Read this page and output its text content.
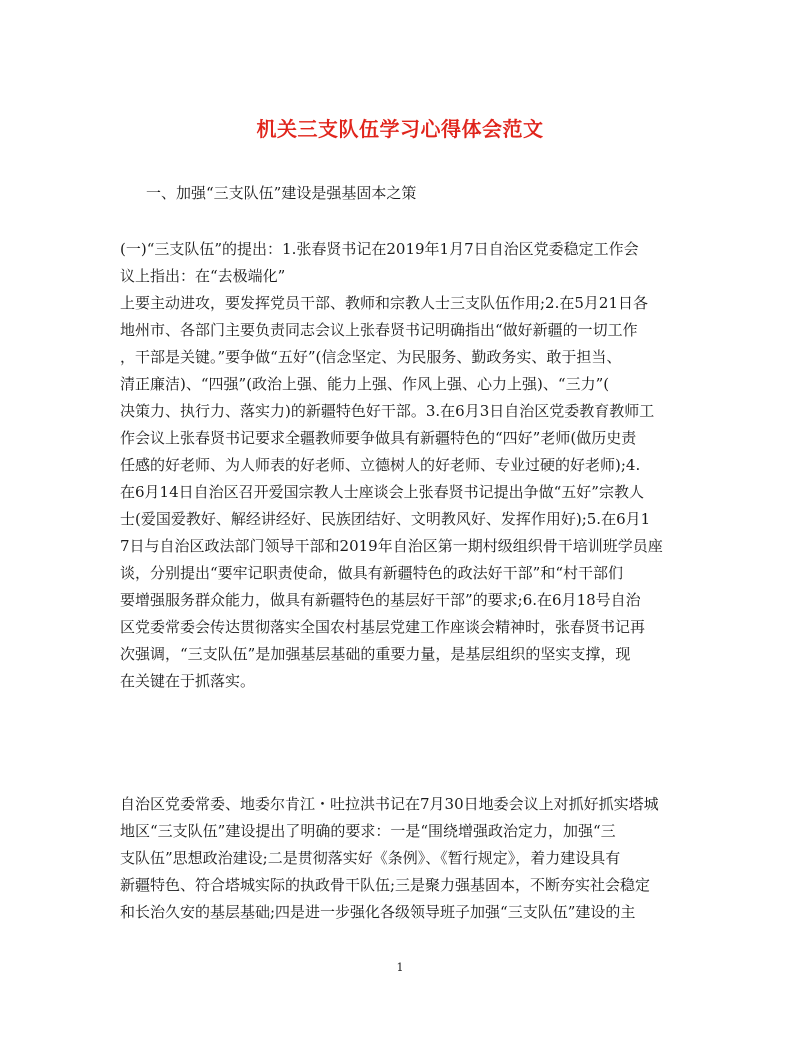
机关三支队伍学习心得体会范文

一、加强“三支队伍”建设是强基固本之策

(一)“三支队伍”的提出：1.张春贤书记在2019年1月7日自治区党委稳定工作会
议上指出：在“去极端化”
上要主动进攻，要发挥党员干部、教师和宗教人士三支队伍作用;2.在5月21日各
地州市、各部门主要负责同志会议上张春贤书记明确指出“做好新疆的一切工作
，干部是关键。”要争做“五好”(信念坚定、为民服务、勤政务实、敢于担当、
清正廉洁)、“四强”(政治上强、能力上强、作风上强、心力上强)、“三力”(
决策力、执行力、落实力)的新疆特色好干部。3.在6月3日自治区党委教育教师工
作会议上张春贤书记要求全疆教师要争做具有新疆特色的“四好”老师(做历史责
任感的好老师、为人师表的好老师、立德树人的好老师、专业过硬的好老师);4.
在6月14日自治区召开爱国宗教人士座谈会上张春贤书记提出争做“五好”宗教人
士(爱国爱教好、解经讲经好、民族团结好、文明教风好、发挥作用好);5.在6月1
7日与自治区政法部门领导干部和2019年自治区第一期村级组织骨干培训班学员座
谈，分别提出“要牢记职责使命，做具有新疆特色的政法好干部”和“村干部们
要增强服务群众能力，做具有新疆特色的基层好干部”的要求;6.在6月18号自治
区党委常委会传达贯彻落实全国农村基层党建工作座谈会精神时，张春贤书记再
次强调，“三支队伍”是加强基层基础的重要力量，是基层组织的坚实支撑，现
在关键在于抓落实。
自治区党委常委、地委尔肯江・吐拉洪书记在7月30日地委会议上对抓好抓实塔城
地区“三支队伍”建设提出了明确的要求：一是“围绕增强政治定力，加强“三
支队伍”思想政治建设;二是贯彻落实好《条例》、《暂行规定》，着力建设具有
新疆特色、符合塔城实际的执政骨干队伍;三是聚力强基固本，不断夯实社会稳定
和长治久安的基层基础;四是进一步强化各级领导班子加强“三支队伍”建设的主

1
